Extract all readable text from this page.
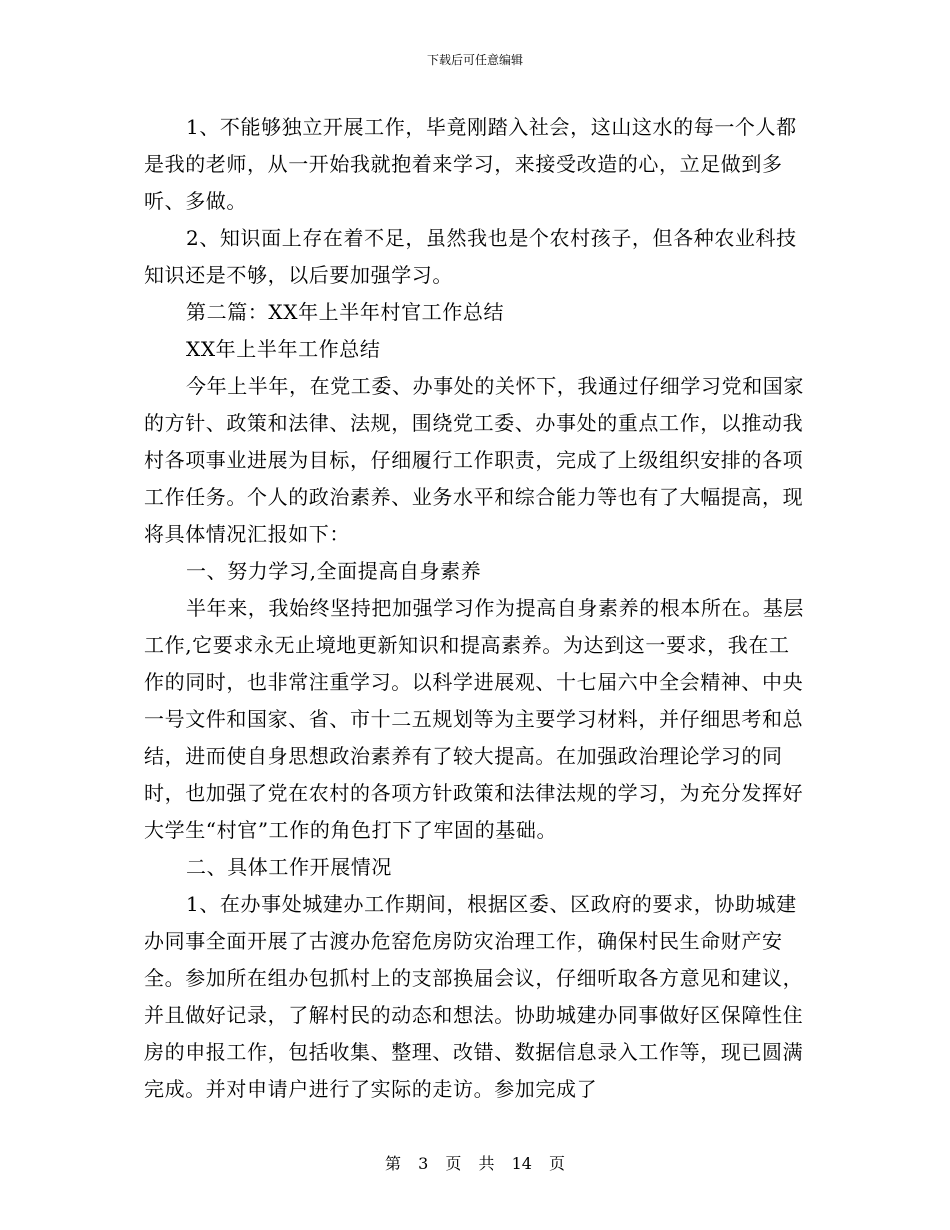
下载后可任意编辑

1、不能够独立开展工作，毕竟刚踏入社会，这山这水的每一个人都是我的老师，从一开始我就抱着来学习，来接受改造的心，立足做到多听、多做。

2、知识面上存在着不足，虽然我也是个农村孩子，但各种农业科技知识还是不够，以后要加强学习。

第二篇：XX年上半年村官工作总结

XX年上半年工作总结

今年上半年，在党工委、办事处的关怀下，我通过仔细学习党和国家的方针、政策和法律、法规，围绕党工委、办事处的重点工作，以推动我村各项事业进展为目标，仔细履行工作职责，完成了上级组织安排的各项工作任务。个人的政治素养、业务水平和综合能力等也有了大幅提高，现将具体情况汇报如下：

一、努力学习,全面提高自身素养

半年来，我始终坚持把加强学习作为提高自身素养的根本所在。基层工作,它要求永无止境地更新知识和提高素养。为达到这一要求，我在工作的同时，也非常注重学习。以科学进展观、十七届六中全会精神、中央一号文件和国家、省、市十二五规划等为主要学习材料，并仔细思考和总结，进而使自身思想政治素养有了较大提高。在加强政治理论学习的同时，也加强了党在农村的各项方针政策和法律法规的学习，为充分发挥好大学生“村官”工作的角色打下了牢固的基础。

二、具体工作开展情况

1、在办事处城建办工作期间，根据区委、区政府的要求，协助城建办同事全面开展了古渡办危窑危房防灾治理工作，确保村民生命财产安全。参加所在组办包抓村上的支部换届会议，仔细听取各方意见和建议，并且做好记录，了解村民的动态和想法。协助城建办同事做好区保障性住房的申报工作，包括收集、整理、改错、数据信息录入工作等，现已圆满完成。并对申请户进行了实际的走访。参加完成了

第 3 页 共 14 页
